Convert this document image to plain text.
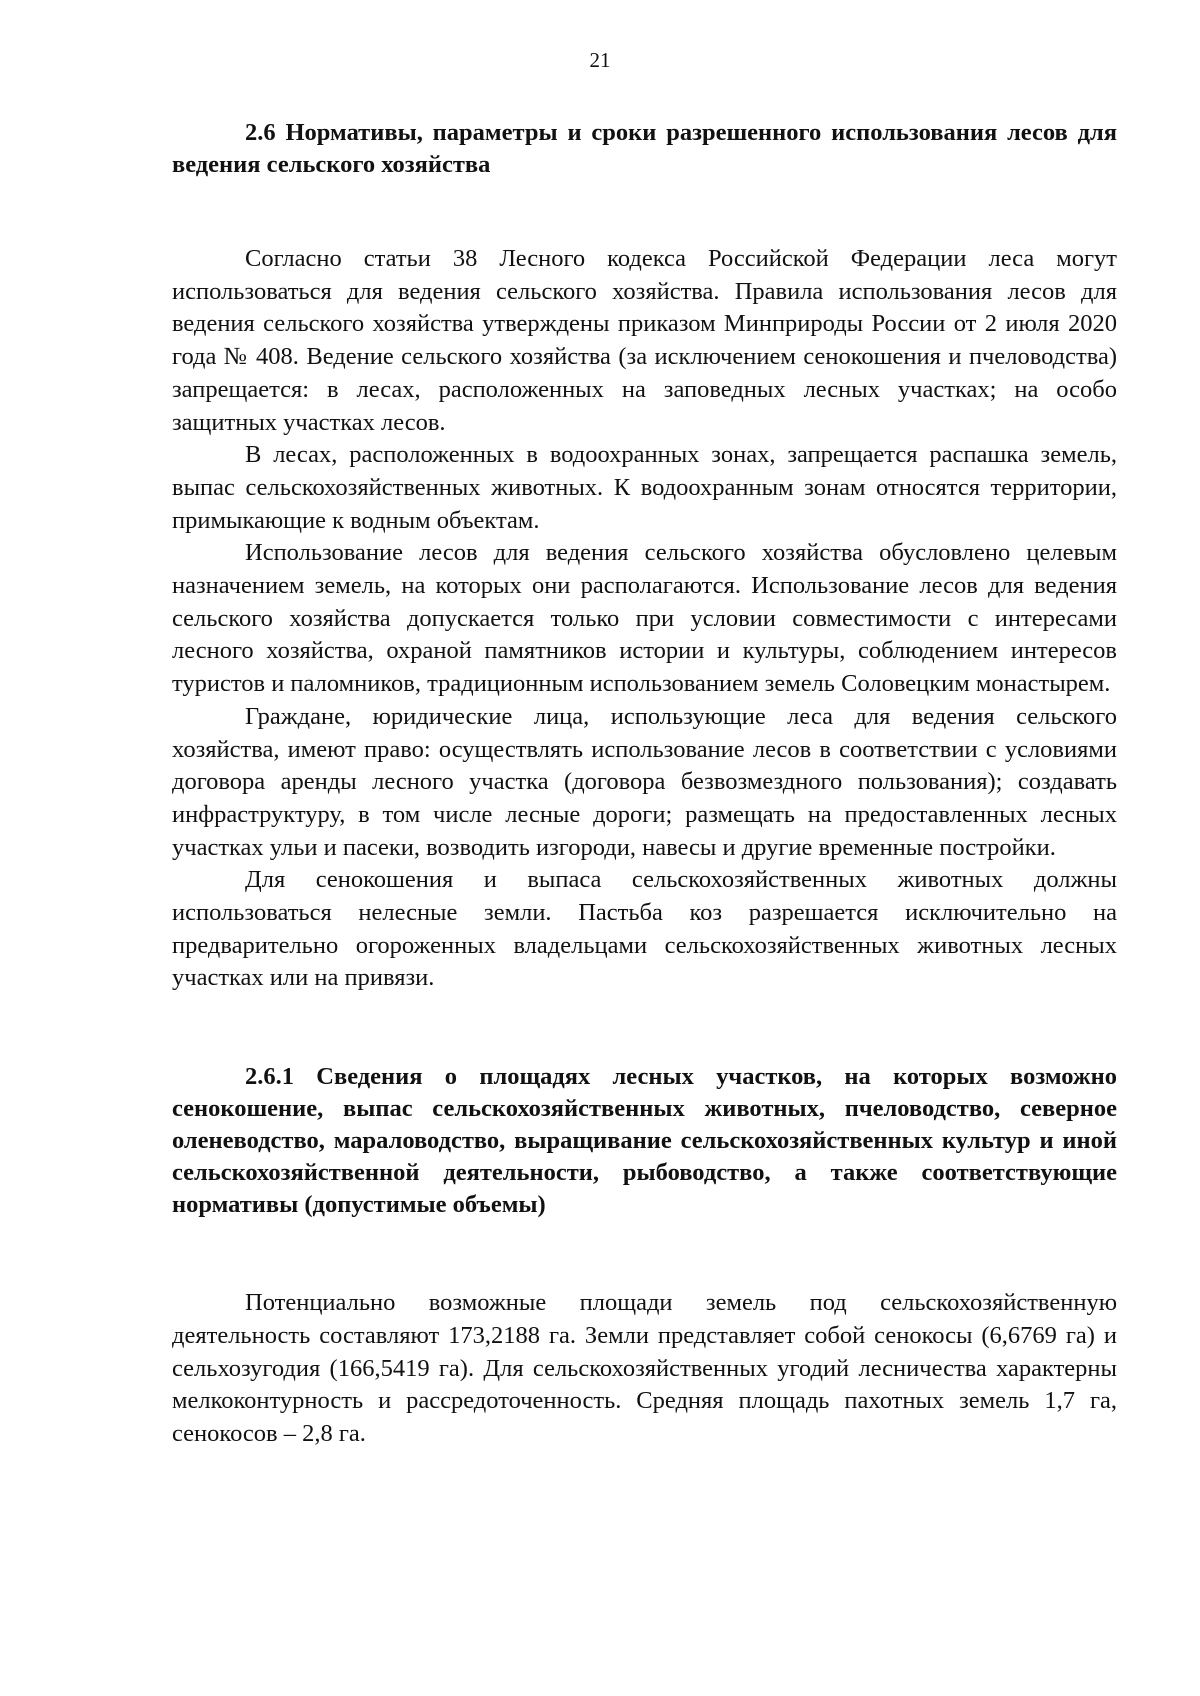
21

2.6 Нормативы, параметры и сроки разрешенного использования лесов для ведения сельского хозяйства

Согласно статьи 38 Лесного кодекса Российской Федерации леса могут использоваться для ведения сельского хозяйства. Правила использования лесов для ведения сельского хозяйства утверждены приказом Минприроды России от 2 июля 2020 года № 408. Ведение сельского хозяйства (за исключением сенокошения и пчеловодства) запрещается: в лесах, расположенных на заповедных лесных участках; на особо защитных участках лесов.

В лесах, расположенных в водоохранных зонах, запрещается распашка земель, выпас сельскохозяйственных животных. К водоохранным зонам относятся территории, примыкающие к водным объектам.

Использование лесов для ведения сельского хозяйства обусловлено целевым назначением земель, на которых они располагаются. Использование лесов для ведения сельского хозяйства допускается только при условии совместимости с интересами лесного хозяйства, охраной памятников истории и культуры, соблюдением интересов туристов и паломников, традиционным использованием земель Соловецким монастырем.

Граждане, юридические лица, использующие леса для ведения сельского хозяйства, имеют право: осуществлять использование лесов в соответствии с условиями договора аренды лесного участка (договора безвозмездного пользования); создавать инфраструктуру, в том числе лесные дороги; размещать на предоставленных лесных участках ульи и пасеки, возводить изгороди, навесы и другие временные постройки.

Для сенокошения и выпаса сельскохозяйственных животных должны использоваться нелесные земли. Пастьба коз разрешается исключительно на предварительно огороженных владельцами сельскохозяйственных животных лесных участках или на привязи.

2.6.1 Сведения о площадях лесных участков, на которых возможно сенокошение, выпас сельскохозяйственных животных, пчеловодство, северное оленеводство, мараловодство, выращивание сельскохозяйственных культур и иной сельскохозяйственной деятельности, рыбоводство, а также соответствующие нормативы (допустимые объемы)

Потенциально возможные площади земель под сельскохозяйственную деятельность составляют 173,2188 га. Земли представляет собой сенокосы (6,6769 га) и сельхозугодия (166,5419 га). Для сельскохозяйственных угодий лесничества характерны мелкоконтурность и рассредоточенность. Средняя площадь пахотных земель 1,7 га, сенокосов – 2,8 га.
